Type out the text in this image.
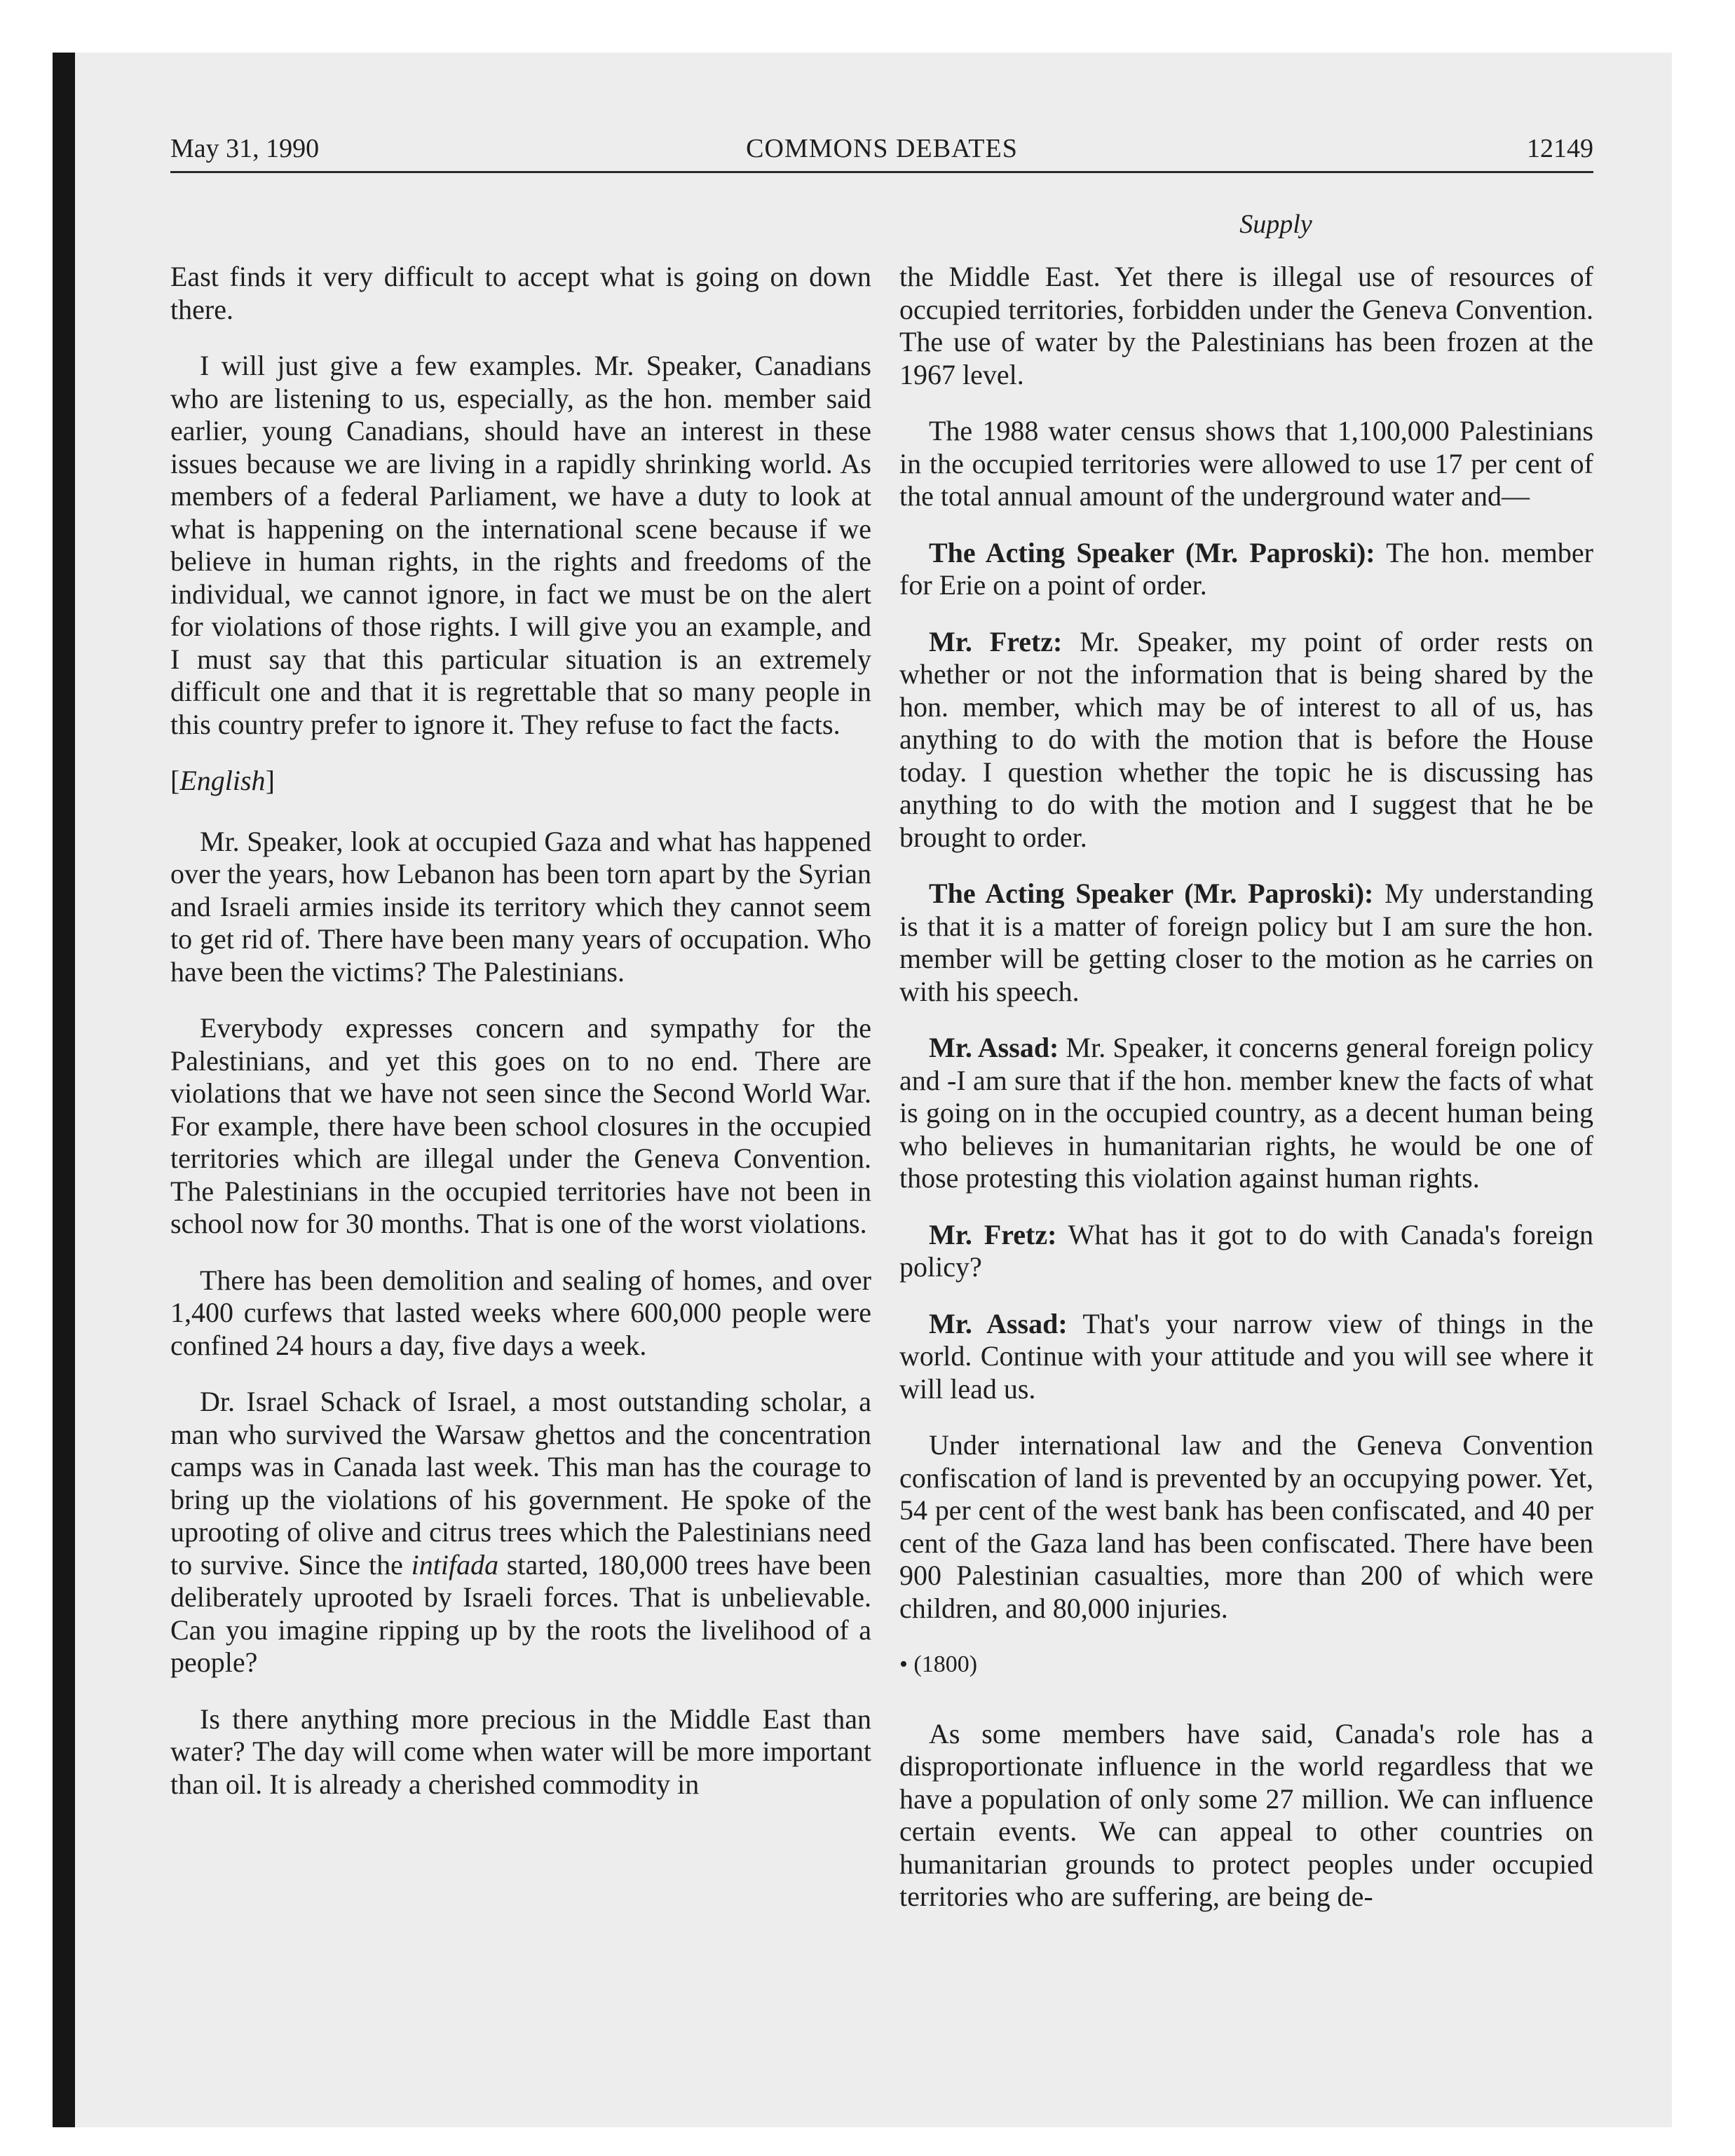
May 31, 1990	COMMONS DEBATES	12149
Supply

East finds it very difficult to accept what is going on down there.

I will just give a few examples. Mr. Speaker, Canadians who are listening to us, especially, as the hon. member said earlier, young Canadians, should have an interest in these issues because we are living in a rapidly shrinking world. As members of a federal Parliament, we have a duty to look at what is happening on the international scene because if we believe in human rights, in the rights and freedoms of the individual, we cannot ignore, in fact we must be on the alert for violations of those rights. I will give you an example, and I must say that this particular situation is an extremely difficult one and that it is regrettable that so many people in this country prefer to ignore it. They refuse to fact the facts.

[English]

Mr. Speaker, look at occupied Gaza and what has happened over the years, how Lebanon has been torn apart by the Syrian and Israeli armies inside its territory which they cannot seem to get rid of. There have been many years of occupation. Who have been the victims? The Palestinians.

Everybody expresses concern and sympathy for the Palestinians, and yet this goes on to no end. There are violations that we have not seen since the Second World War. For example, there have been school closures in the occupied territories which are illegal under the Geneva Convention. The Palestinians in the occupied territories have not been in school now for 30 months. That is one of the worst violations.

There has been demolition and sealing of homes, and over 1,400 curfews that lasted weeks where 600,000 people were confined 24 hours a day, five days a week.

Dr. Israel Schack of Israel, a most outstanding scholar, a man who survived the Warsaw ghettos and the concentration camps was in Canada last week. This man has the courage to bring up the violations of his government. He spoke of the uprooting of olive and citrus trees which the Palestinians need to survive. Since the intifada started, 180,000 trees have been deliberately uprooted by Israeli forces. That is unbelievable. Can you imagine ripping up by the roots the livelihood of a people?

Is there anything more precious in the Middle East than water? The day will come when water will be more important than oil. It is already a cherished commodity in

the Middle East. Yet there is illegal use of resources of occupied territories, forbidden under the Geneva Convention. The use of water by the Palestinians has been frozen at the 1967 level.

The 1988 water census shows that 1,100,000 Palestinians in the occupied territories were allowed to use 17 per cent of the total annual amount of the underground water and—

The Acting Speaker (Mr. Paproski): The hon. member for Erie on a point of order.

Mr. Fretz: Mr. Speaker, my point of order rests on whether or not the information that is being shared by the hon. member, which may be of interest to all of us, has anything to do with the motion that is before the House today. I question whether the topic he is discussing has anything to do with the motion and I suggest that he be brought to order.

The Acting Speaker (Mr. Paproski): My understanding is that it is a matter of foreign policy but I am sure the hon. member will be getting closer to the motion as he carries on with his speech.

Mr. Assad: Mr. Speaker, it concerns general foreign policy and -I am sure that if the hon. member knew the facts of what is going on in the occupied country, as a decent human being who believes in humanitarian rights, he would be one of those protesting this violation against human rights.

Mr. Fretz: What has it got to do with Canada's foreign policy?

Mr. Assad: That's your narrow view of things in the world. Continue with your attitude and you will see where it will lead us.

Under international law and the Geneva Convention confiscation of land is prevented by an occupying power. Yet, 54 per cent of the west bank has been confiscated, and 40 per cent of the Gaza land has been confiscated. There have been 900 Palestinian casualties, more than 200 of which were children, and 80,000 injuries.

• (1800)

As some members have said, Canada's role has a disproportionate influence in the world regardless that we have a population of only some 27 million. We can influence certain events. We can appeal to other countries on humanitarian grounds to protect peoples under occupied territories who are suffering, are being de-
